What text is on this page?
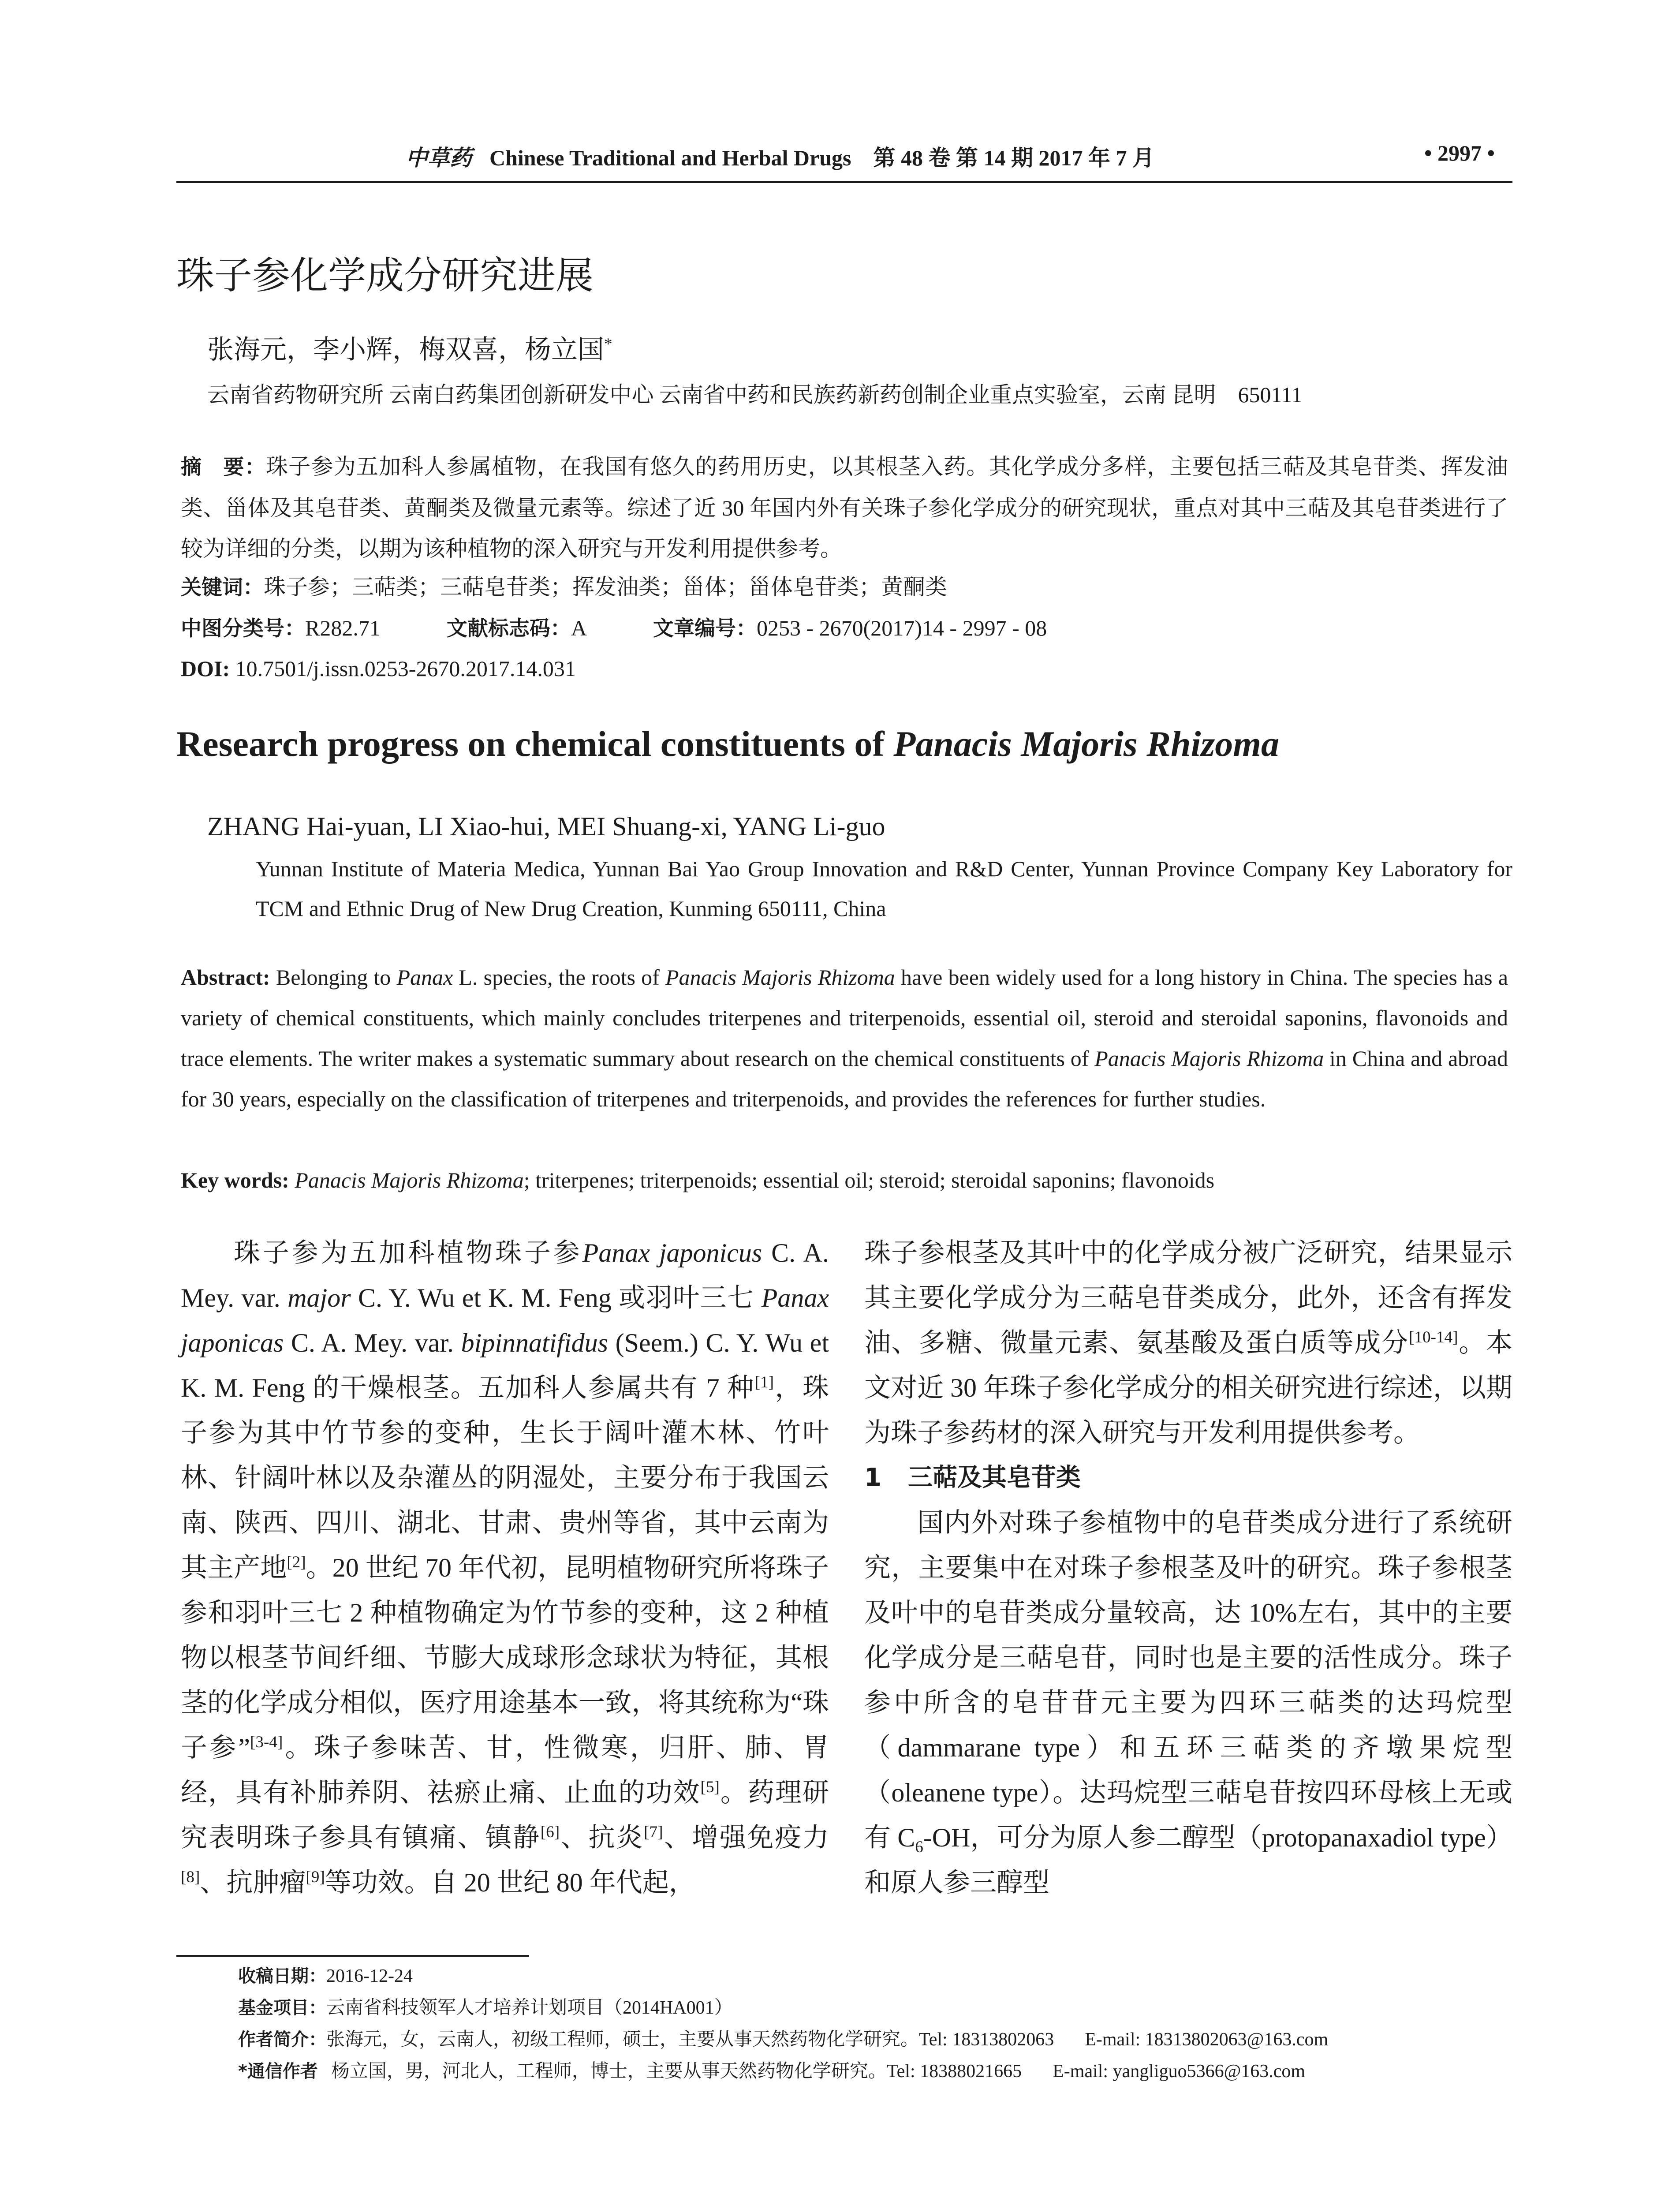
中草药 Chinese Traditional and Herbal Drugs　第 48 卷 第 14 期 2017 年 7 月	• 2997 •
珠子参化学成分研究进展
张海元，李小辉，梅双喜，杨立国*
云南省药物研究所 云南白药集团创新研发中心 云南省中药和民族药新药创制企业重点实验室，云南 昆明　650111
摘　要：珠子参为五加科人参属植物，在我国有悠久的药用历史，以其根茎入药。其化学成分多样，主要包括三萜及其皂苷类、挥发油类、甾体及其皂苷类、黄酮类及微量元素等。综述了近 30 年国内外有关珠子参化学成分的研究现状，重点对其中三萜及其皂苷类进行了较为详细的分类，以期为该种植物的深入研究与开发利用提供参考。
关键词：珠子参；三萜类；三萜皂苷类；挥发油类；甾体；甾体皂苷类；黄酮类
中图分类号：R282.71	文献标志码：A	文章编号：0253 - 2670(2017)14 - 2997 - 08
DOI: 10.7501/j.issn.0253-2670.2017.14.031
Research progress on chemical constituents of Panacis Majoris Rhizoma
ZHANG Hai-yuan, LI Xiao-hui, MEI Shuang-xi, YANG Li-guo
Yunnan Institute of Materia Medica, Yunnan Bai Yao Group Innovation and R&D Center, Yunnan Province Company Key Laboratory for TCM and Ethnic Drug of New Drug Creation, Kunming 650111, China
Abstract: Belonging to Panax L. species, the roots of Panacis Majoris Rhizoma have been widely used for a long history in China. The species has a variety of chemical constituents, which mainly concludes triterpenes and triterpenoids, essential oil, steroid and steroidal saponins, flavonoids and trace elements. The writer makes a systematic summary about research on the chemical constituents of Panacis Majoris Rhizoma in China and abroad for 30 years, especially on the classification of triterpenes and triterpenoids, and provides the references for further studies.
Key words: Panacis Majoris Rhizoma; triterpenes; triterpenoids; essential oil; steroid; steroidal saponins; flavonoids

珠子参为五加科植物珠子参Panax japonicus C. A. Mey. var. major C. Y. Wu et K. M. Feng 或羽叶三七 Panax japonicas C. A. Mey. var. bipinnatifidus (Seem.) C. Y. Wu et K. M. Feng 的干燥根茎。五加科人参属共有 7 种[1]，珠子参为其中竹节参的变种，生长于阔叶灌木林、竹叶林、针阔叶林以及杂灌丛的阴湿处，主要分布于我国云南、陕西、四川、湖北、甘肃、贵州等省，其中云南为其主产地[2]。20 世纪 70 年代初，昆明植物研究所将珠子参和羽叶三七 2 种植物确定为竹节参的变种，这 2 种植物以根茎节间纤细、节膨大成球形念球状为特征，其根茎的化学成分相似，医疗用途基本一致，将其统称为“珠子参”[3-4]。珠子参味苦、甘，性微寒，归肝、肺、胃经，具有补肺养阴、祛瘀止痛、止血的功效[5]。药理研究表明珠子参具有镇痛、镇静[6]、抗炎[7]、增强免疫力[8]、抗肿瘤[9]等功效。自 20 世纪 80 年代起，

珠子参根茎及其叶中的化学成分被广泛研究，结果显示其主要化学成分为三萜皂苷类成分，此外，还含有挥发油、多糖、微量元素、氨基酸及蛋白质等成分[10-14]。本文对近 30 年珠子参化学成分的相关研究进行综述，以期为珠子参药材的深入研究与开发利用提供参考。

1 三萜及其皂苷类

国内外对珠子参植物中的皂苷类成分进行了系统研究，主要集中在对珠子参根茎及叶的研究。珠子参根茎及叶中的皂苷类成分量较高，达 10%左右，其中的主要化学成分是三萜皂苷，同时也是主要的活性成分。珠子参中所含的皂苷苷元主要为四环三萜类的达玛烷型（dammarane type）和五环三萜类的齐墩果烷型（oleanene type）。达玛烷型三萜皂苷按四环母核上无或有 $C_6-OH$，可分为原人参二醇型（protopanaxadiol type）和原人参三醇型

收稿日期：2016-12-24

基金项目：云南省科技领军人才培养计划项目（2014HA001）

作者简介：张海元，女，云南人，初级工程师，硕士，主要从事天然药物化学研究。Tel: 18313802063 E-mail: 18313802063@163.com

*通信作者 杨立国，男，河北人，工程师，博士，主要从事天然药物化学研究。Tel: 18388021665 E-mail: yangliguo5366@163.com
